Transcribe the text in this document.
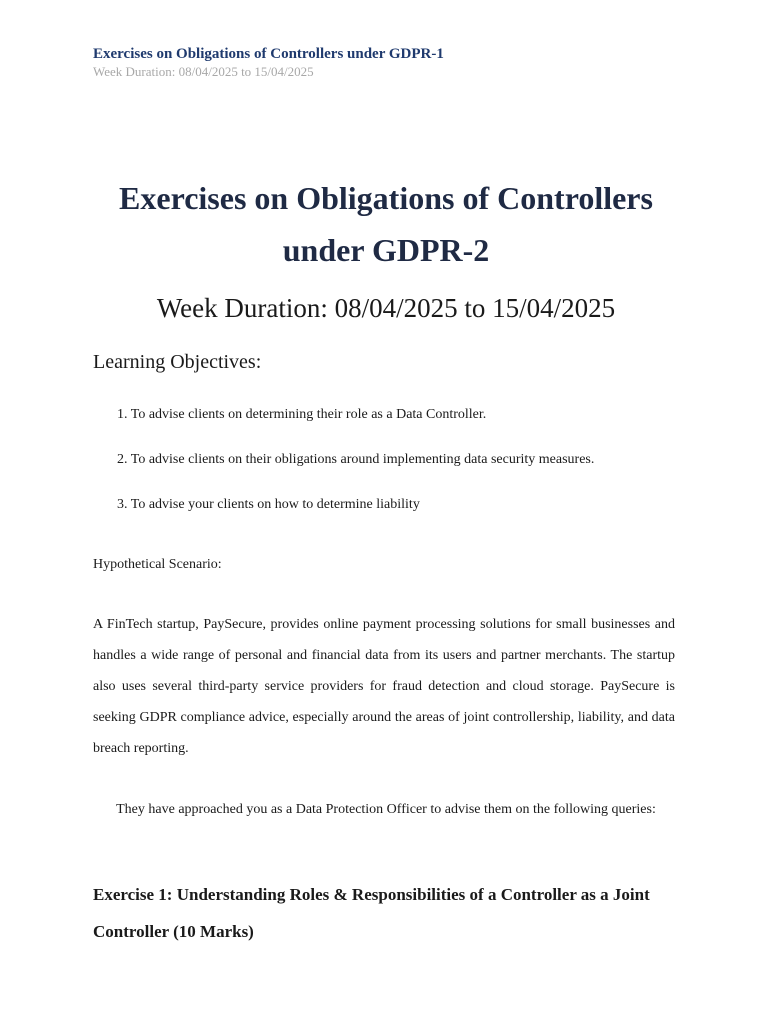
Exercises on Obligations of Controllers under GDPR-1
Week Duration: 08/04/2025 to 15/04/2025
Exercises on Obligations of Controllers
under GDPR-2
Week Duration: 08/04/2025 to 15/04/2025
Learning Objectives:
1. To advise clients on determining their role as a Data Controller.
2. To advise clients on their obligations around implementing data security measures.
3. To advise your clients on how to determine liability
Hypothetical Scenario:
A FinTech startup, PaySecure, provides online payment processing solutions for small businesses and handles a wide range of personal and financial data from its users and partner merchants. The startup also uses several third-party service providers for fraud detection and cloud storage. PaySecure is seeking GDPR compliance advice, especially around the areas of joint controllership, liability, and data breach reporting.
They have approached you as a Data Protection Officer to advise them on the following queries:
Exercise 1: Understanding Roles & Responsibilities of a Controller as a Joint Controller (10 Marks)
